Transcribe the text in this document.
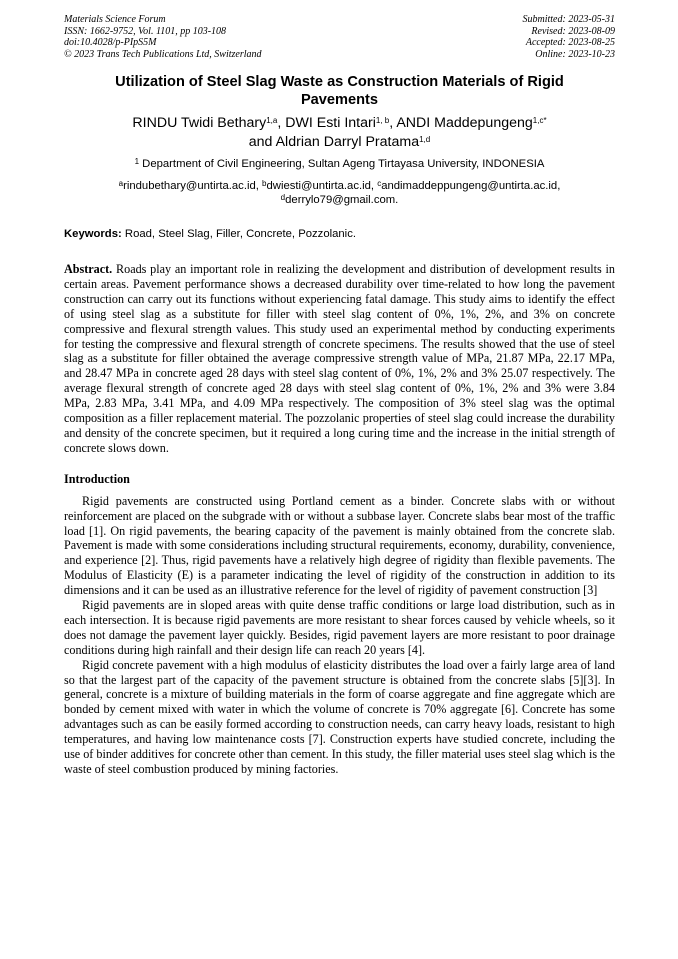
Materials Science Forum
ISSN: 1662-9752, Vol. 1101, pp 103-108
doi:10.4028/p-PIpS5M
© 2023 Trans Tech Publications Ltd, Switzerland
Submitted: 2023-05-31
Revised: 2023-08-09
Accepted: 2023-08-25
Online: 2023-10-23
Utilization of Steel Slag Waste as Construction Materials of Rigid Pavements
RINDU Twidi Bethary$^{1,a}$, DWI Esti Intari$^{1, b}$, ANDI Maddepungeng$^{1,c*}$
and Aldrian Darryl Pratama$^{1,d}$
$^1$ Department of Civil Engineering, Sultan Ageng Tirtayasa University, INDONESIA
$^a$rindubethary@untirta.ac.id, $^b$dwiesti@untirta.ac.id, $^c$andimaddeppungeng@untirta.ac.id,
$^d$derrylo79@gmail.com.
Keywords: Road, Steel Slag, Filler, Concrete, Pozzolanic.

Abstract. Roads play an important role in realizing the development and distribution of development results in certain areas. Pavement performance shows a decreased durability over time-related to how long the pavement construction can carry out its functions without experiencing fatal damage. This study aims to identify the effect of using steel slag as a substitute for filler with steel slag content of 0%, 1%, 2%, and 3% on concrete compressive and flexural strength values. This study used an experimental method by conducting experiments for testing the compressive and flexural strength of concrete specimens. The results showed that the use of steel slag as a substitute for filler obtained the average compressive strength value of MPa, 21.87 MPa, 22.17 MPa, and 28.47 MPa in concrete aged 28 days with steel slag content of 0%, 1%, 2% and 3% 25.07 respectively. The average flexural strength of concrete aged 28 days with steel slag content of 0%, 1%, 2% and 3% were 3.84 MPa, 2.83 MPa, 3.41 MPa, and 4.09 MPa respectively. The composition of 3% steel slag was the optimal composition as a filler replacement material. The pozzolanic properties of steel slag could increase the durability and density of the concrete specimen, but it required a long curing time and the increase in the initial strength of concrete slows down.

Introduction

Rigid pavements are constructed using Portland cement as a binder. Concrete slabs with or without reinforcement are placed on the subgrade with or without a subbase layer. Concrete slabs bear most of the traffic load [1]. On rigid pavements, the bearing capacity of the pavement is mainly obtained from the concrete slab. Pavement is made with some considerations including structural requirements, economy, durability, convenience, and experience [2]. Thus, rigid pavements have a relatively high degree of rigidity than flexible pavements. The Modulus of Elasticity (E) is a parameter indicating the level of rigidity of the construction in addition to its dimensions and it can be used as an illustrative reference for the level of rigidity of pavement construction [3]

Rigid pavements are in sloped areas with quite dense traffic conditions or large load distribution, such as in each intersection. It is because rigid pavements are more resistant to shear forces caused by vehicle wheels, so it does not damage the pavement layer quickly. Besides, rigid pavement layers are more resistant to poor drainage conditions during high rainfall and their design life can reach 20 years [4].

Rigid concrete pavement with a high modulus of elasticity distributes the load over a fairly large area of land so that the largest part of the capacity of the pavement structure is obtained from the concrete slabs [5][3]. In general, concrete is a mixture of building materials in the form of coarse aggregate and fine aggregate which are bonded by cement mixed with water in which the volume of concrete is 70% aggregate [6]. Concrete has some advantages such as can be easily formed according to construction needs, can carry heavy loads, resistant to high temperatures, and having low maintenance costs [7]. Construction experts have studied concrete, including the use of binder additives for concrete other than cement. In this study, the filler material uses steel slag which is the waste of steel combustion produced by mining factories.
